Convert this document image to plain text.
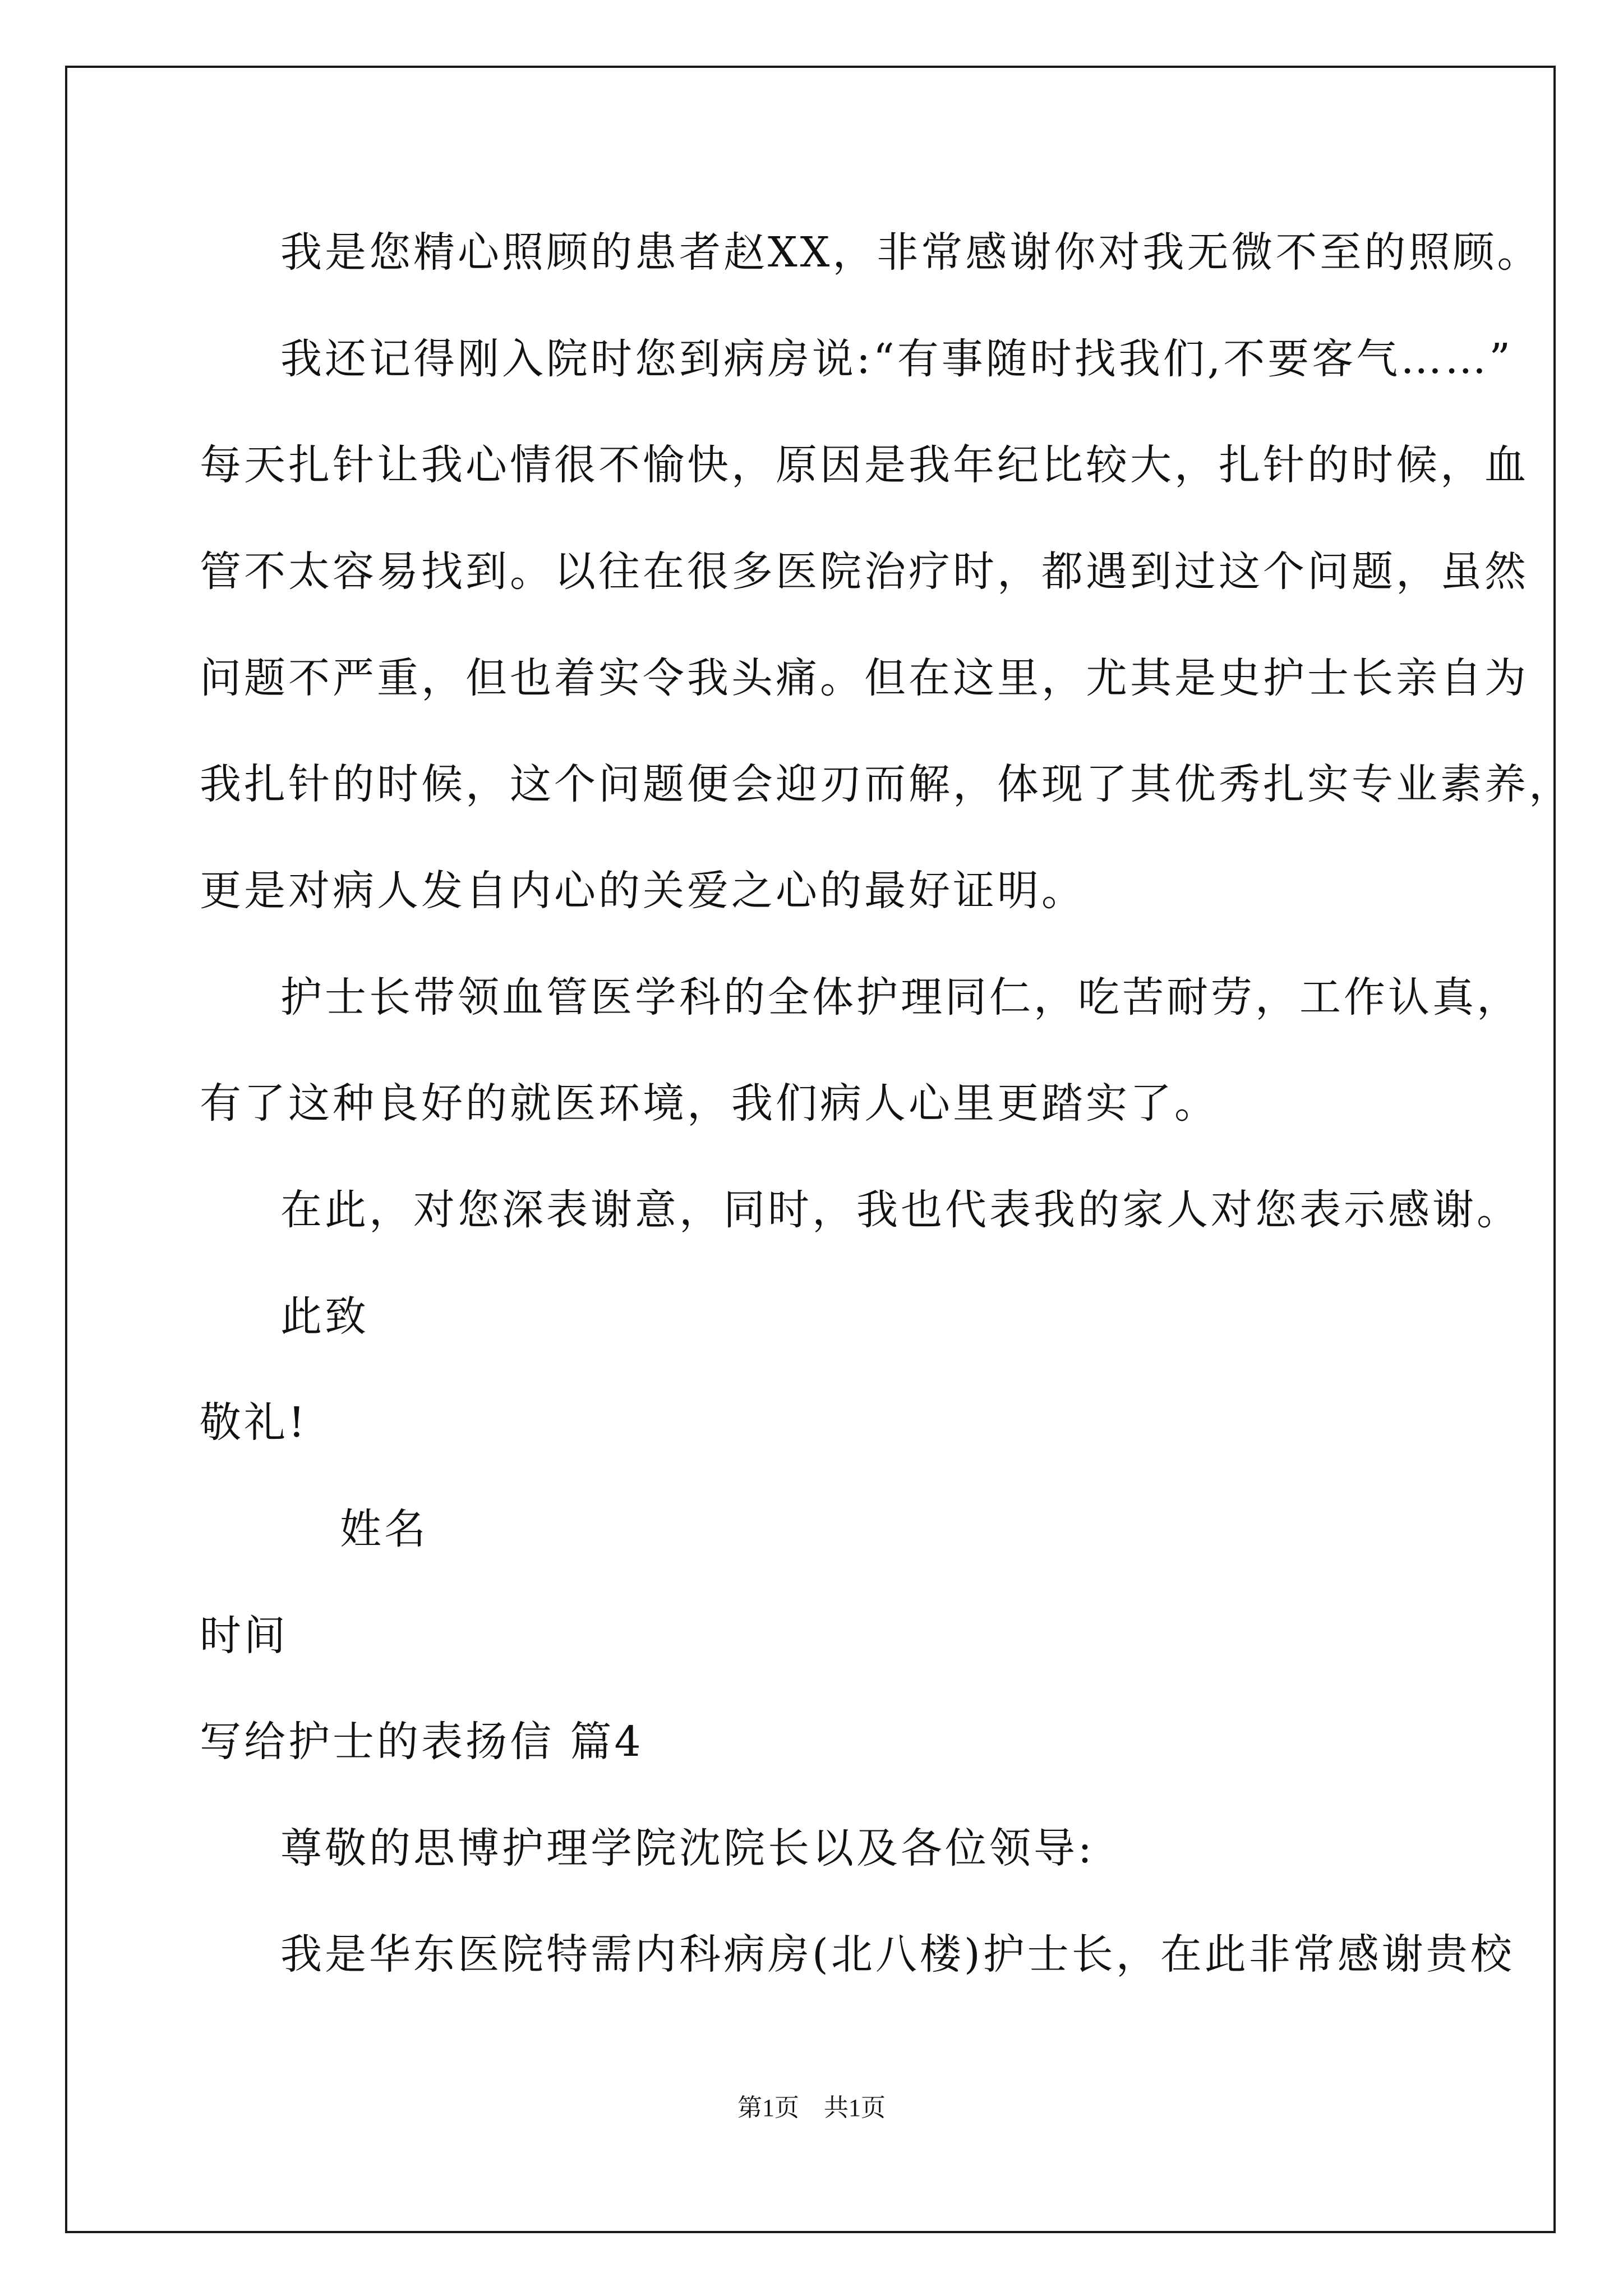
我是您精心照顾的患者赵XX，非常感谢你对我无微不至的照顾。
我还记得刚入院时您到病房说:“有事随时找我们,不要客气……”
每天扎针让我心情很不愉快，原因是我年纪比较大，扎针的时候，血
管不太容易找到。以往在很多医院治疗时，都遇到过这个问题，虽然
问题不严重，但也着实令我头痛。但在这里，尤其是史护士长亲自为
我扎针的时候，这个问题便会迎刃而解，体现了其优秀扎实专业素养，
更是对病人发自内心的关爱之心的最好证明。
护士长带领血管医学科的全体护理同仁，吃苦耐劳，工作认真，
有了这种良好的就医环境，我们病人心里更踏实了。
在此，对您深表谢意，同时，我也代表我的家人对您表示感谢。
此致
敬礼!
姓名
时间
写给护士的表扬信 篇4
尊敬的思博护理学院沈院长以及各位领导:
我是华东医院特需内科病房(北八楼)护士长，在此非常感谢贵校
第1页　共1页
